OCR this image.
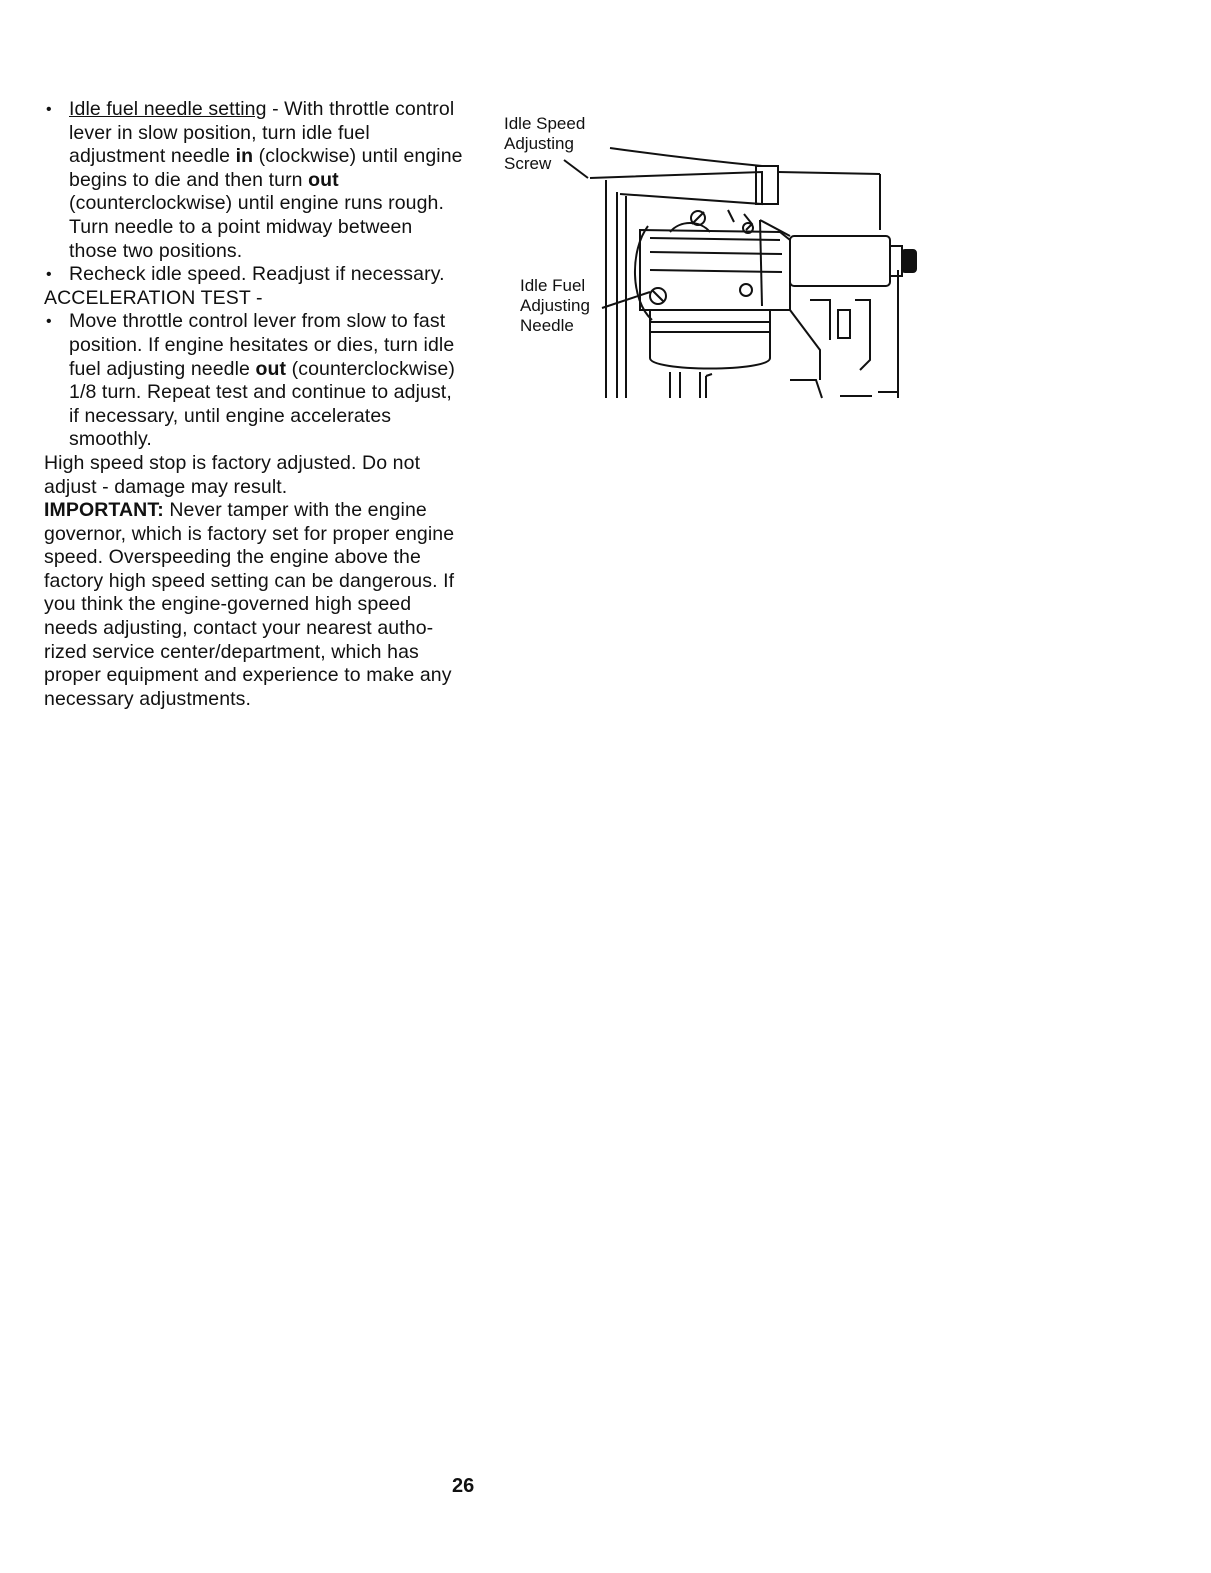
• Idle fuel needle setting - With throttle control lever in slow position, turn idle fuel adjustment needle in (clockwise) until engine begins to die and then turn out (counterclockwise) until engine runs rough. Turn needle to a point midway between those two positions.

• Recheck idle speed. Readjust if necessary.

ACCELERATION TEST -

• Move throttle control lever from slow to fast position. If engine hesitates or dies, turn idle fuel adjusting needle out (counterclockwise) 1/8 turn. Repeat test and continue to adjust, if necessary, until engine accelerates smoothly.

High speed stop is factory adjusted. Do not adjust - damage may result.

IMPORTANT: Never tamper with the engine governor, which is factory set for proper engine speed. Overspeeding the engine above the factory high speed setting can be dangerous. If you think the engine-governed high speed needs adjusting, contact your nearest autho-rized service center/department, which has proper equipment and experience to make any necessary adjustments.

Idle Speed
Adjusting
Screw
Idle Fuel
Adjusting
Needle
26
